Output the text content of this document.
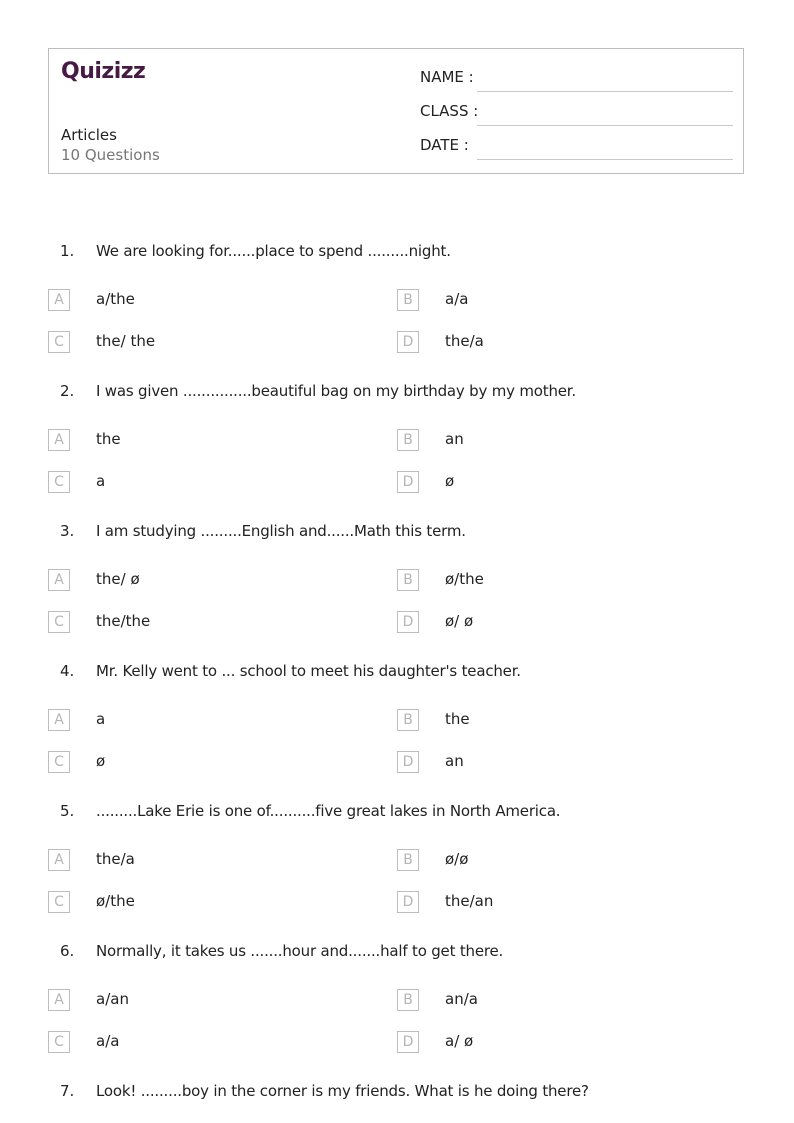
Quizizz
Articles
10 Questions
NAME :
CLASS :
DATE :
1. We are looking for......place to spend .........night.
A	a/the	B	a/a
C	the/ the	D	the/a
2. I was given ...............beautiful bag on my birthday by my mother.
A	the	B	an
C	a	D	ø
3. I am studying .........English and......Math this term.
A	the/ ø	B	ø/the
C	the/the	D	ø/ ø
4. Mr. Kelly went to ... school to meet his daughter's teacher.
A	a	B	the
C	ø	D	an
5. .........Lake Erie is one of..........five great lakes in North America.
A	the/a	B	ø/ø
C	ø/the	D	the/an
6. Normally, it takes us .......hour and.......half to get there.
A	a/an	B	an/a
C	a/a	D	a/ ø
7. Look! .........boy in the corner is my friends. What is he doing there?
